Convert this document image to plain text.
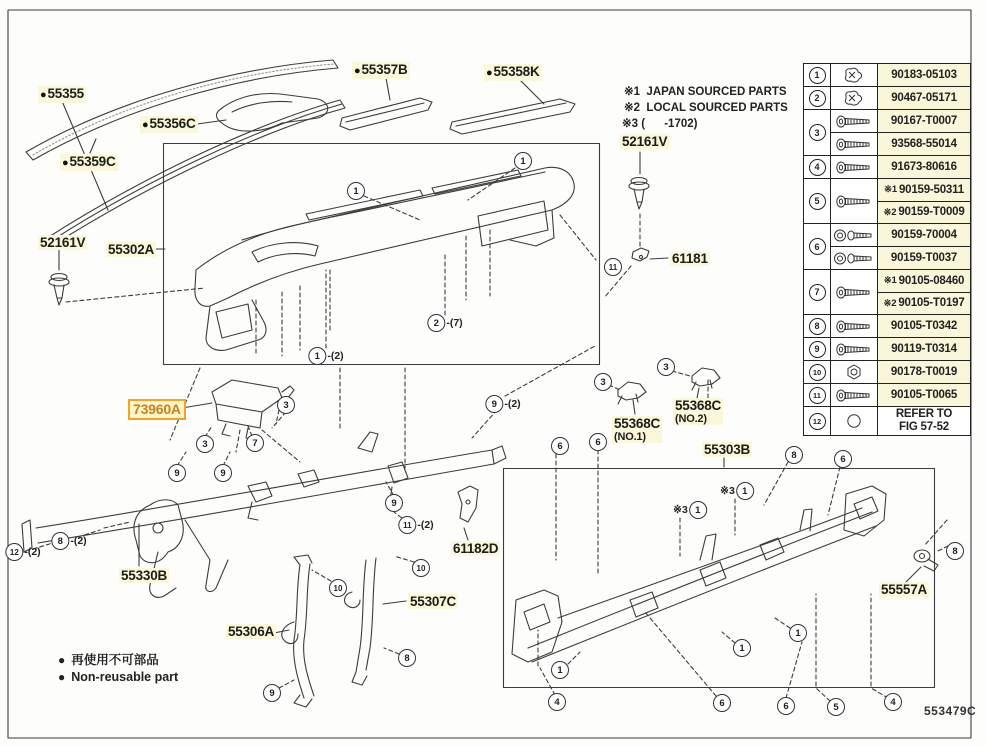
※1  JAPAN SOURCED PARTS
※2  LOCAL SOURCED PARTS
※3 (      -1702)
● 再使用不可部品
● Non-reusable part
553479C
●55355
●55357B	●55358K
●55356C
●55359C
52161V
52161V 55302A
61181
73960A
55368C
(NO.1)
55368C
(NO.2)
55303B
61182D
55330B
55307C
55306A
55557A
1
1
2 -(7)
1 -(2)
3
7
3
9	9
9
11 -(2)
9 -(2)
12 -(2)
8 -(2)
10
10
9
8
11
3
3
6	6
8	6
8
※3 1
※3 1
1
1
1
4	6	6	5	4
1	90183-05103
2	90467-05171
3
90167-T0007
93568-55014
4	91673-80616
5
※1 90159-50311
※2 90159-T0009
6
90159-70004
90159-T0037
7
※1 90105-08460
※2 90105-T0197
8	90105-T0342
9	90119-T0314
10	90178-T0019
11	90105-T0065
12
REFER TO
FIG 57-52
